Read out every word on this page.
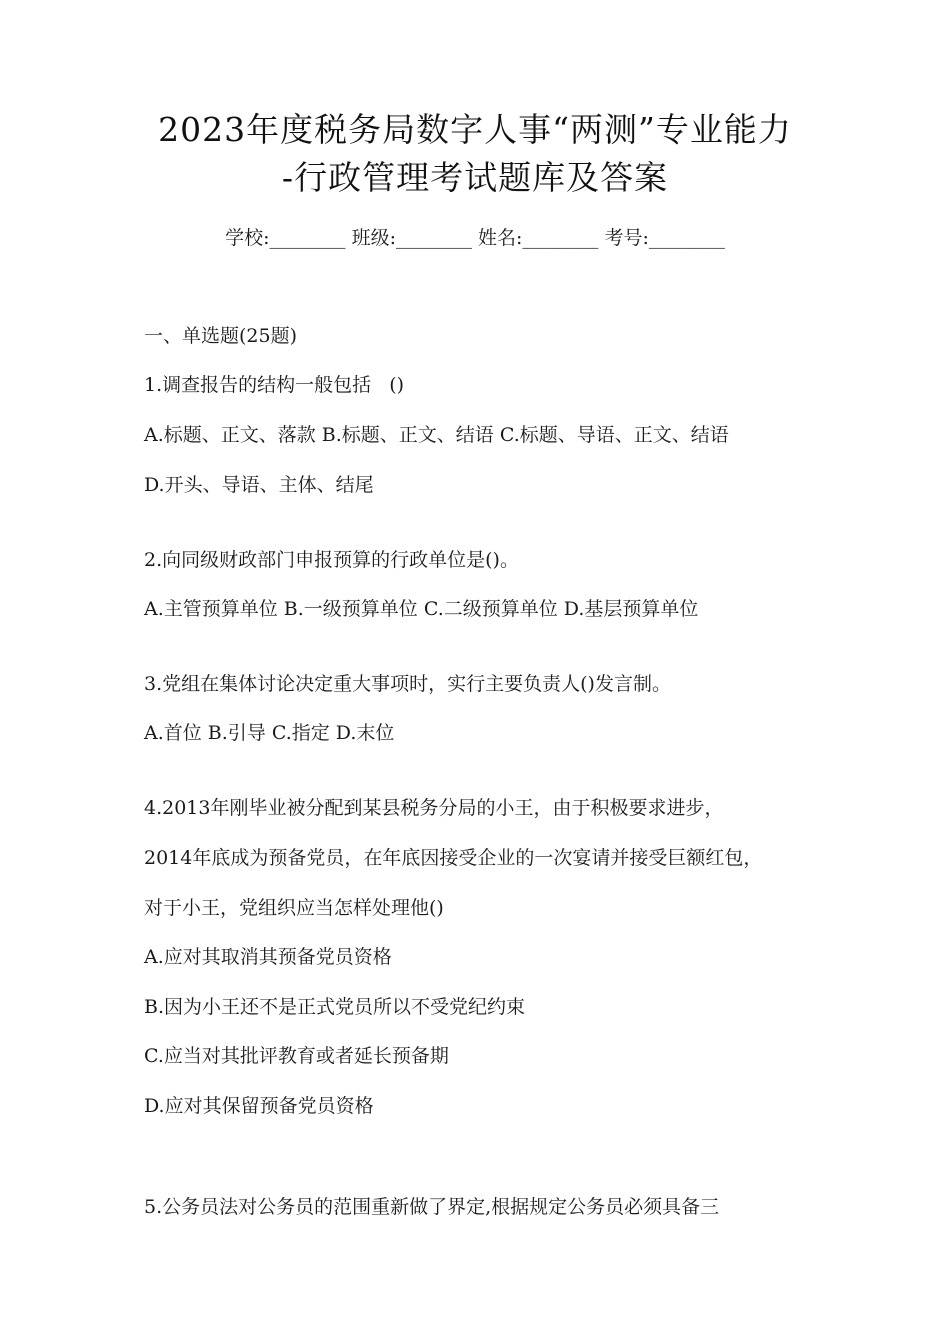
2023年度税务局数字人事“两测”专业能力
-行政管理考试题库及答案
学校:________ 班级:________ 姓名:________ 考号:________
一、单选题(25题)
1.调查报告的结构一般包括   ()
A.标题、正文、落款 B.标题、正文、结语 C.标题、导语、正文、结语
D.开头、导语、主体、结尾
2.向同级财政部门申报预算的行政单位是()。
A.主管预算单位 B.一级预算单位 C.二级预算单位 D.基层预算单位
3.党组在集体讨论决定重大事项时，实行主要负责人()发言制。
A.首位 B.引导 C.指定 D.末位
4.2013年刚毕业被分配到某县税务分局的小王，由于积极要求进步，
2014年底成为预备党员，在年底因接受企业的一次宴请并接受巨额红包，
对于小王，党组织应当怎样处理他()
A.应对其取消其预备党员资格
B.因为小王还不是正式党员所以不受党纪约束
C.应当对其批评教育或者延长预备期
D.应对其保留预备党员资格
5.公务员法对公务员的范围重新做了界定,根据规定公务员必须具备三
